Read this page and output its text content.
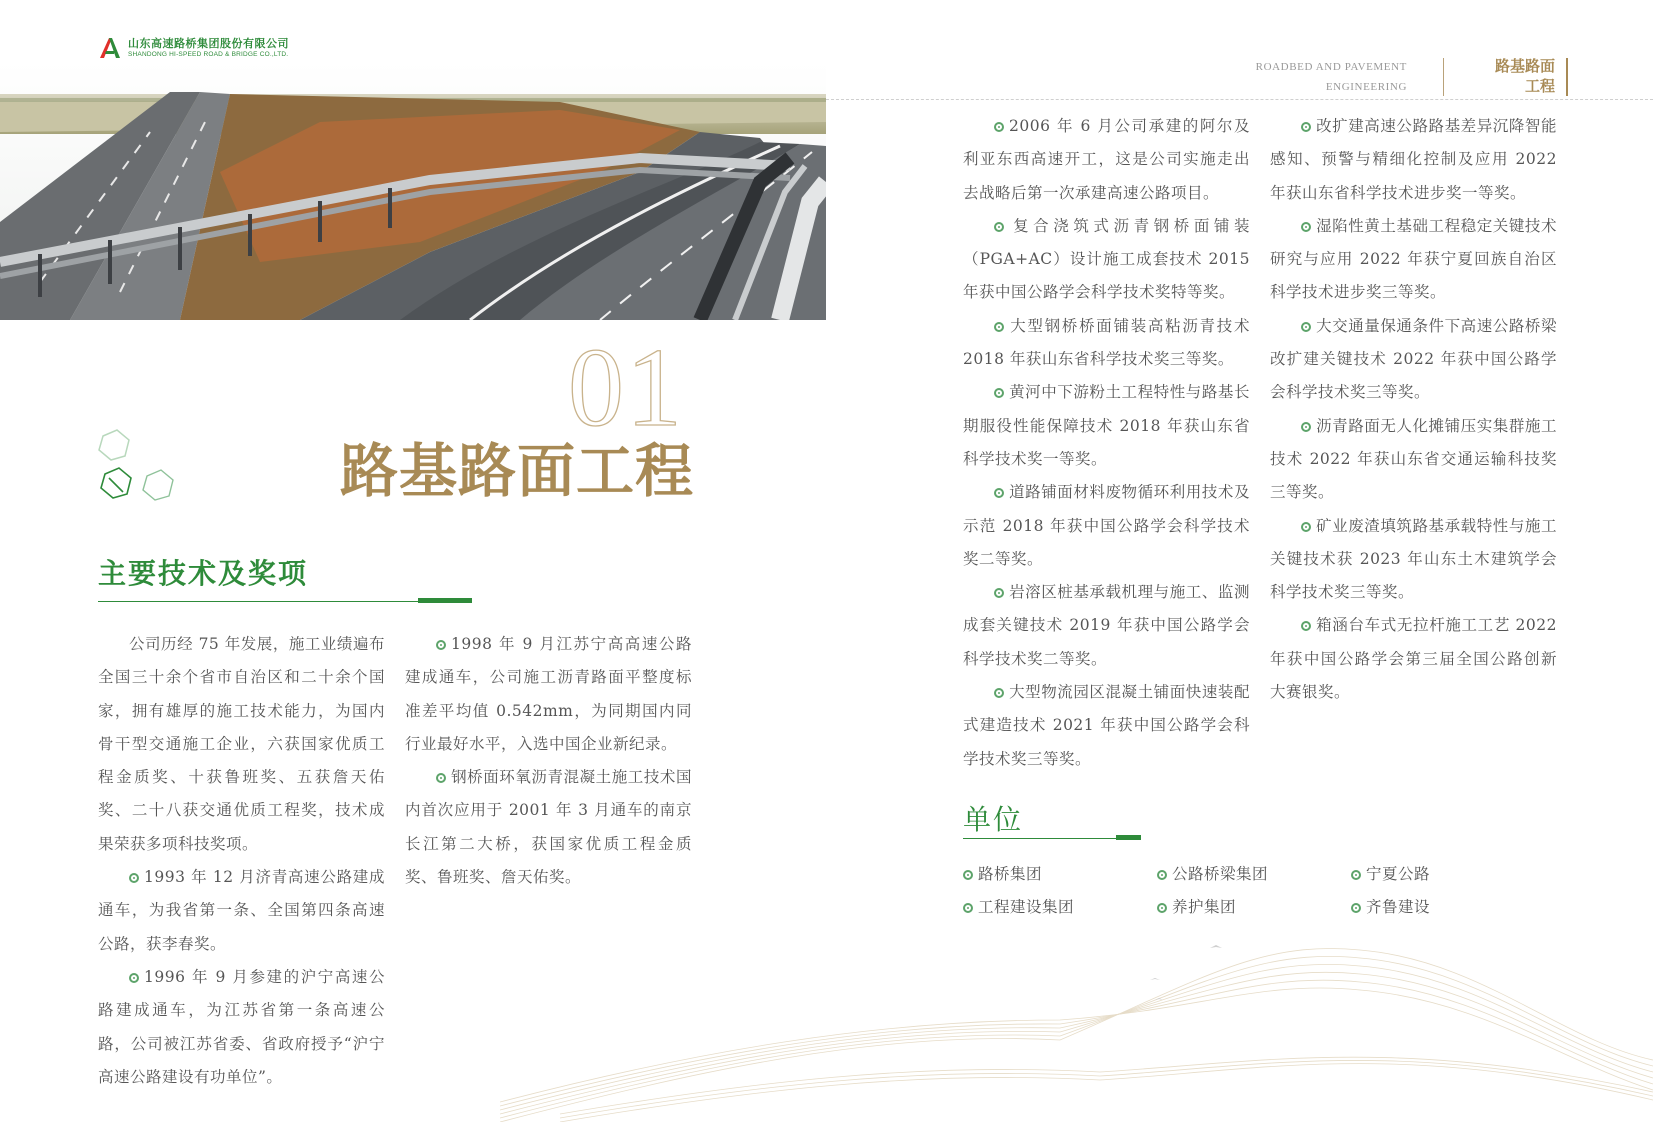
山东高速路桥集团股份有限公司
SHANDONG HI-SPEED ROAD & BRIDGE CO.,LTD.
ROADBED AND PAVEMENT
ENGINEERING
路基路面
工程
01
路基路面工程
主要技术及奖项

公司历经 75 年发展，施工业绩遍布全国三十余个省市自治区和二十余个国家，拥有雄厚的施工技术能力，为国内骨干型交通施工企业，六获国家优质工程金质奖、十获鲁班奖、五获詹天佑奖、二十八获交通优质工程奖，技术成果荣获多项科技奖项。

1993 年 12 月济青高速公路建成通车，为我省第一条、全国第四条高速公路，获李春奖。

1996 年 9 月参建的沪宁高速公路建成通车，为江苏省第一条高速公路，公司被江苏省委、省政府授予“沪宁高速公路建设有功单位”。

1998 年 9 月江苏宁高高速公路建成通车，公司施工沥青路面平整度标准差平均值 0.542mm，为同期国内同行业最好水平，入选中国企业新纪录。

钢桥面环氧沥青混凝土施工技术国内首次应用于 2001 年 3 月通车的南京长江第二大桥，获国家优质工程金质奖、鲁班奖、詹天佑奖。

2006 年 6 月公司承建的阿尔及利亚东西高速开工，这是公司实施走出去战略后第一次承建高速公路项目。

复合浇筑式沥青钢桥面铺装（PGA+AC）设计施工成套技术 2015 年获中国公路学会科学技术奖特等奖。

大型钢桥桥面铺装高粘沥青技术 2018 年获山东省科学技术奖三等奖。

黄河中下游粉土工程特性与路基长期服役性能保障技术 2018 年获山东省科学技术奖一等奖。

道路铺面材料废物循环利用技术及示范 2018 年获中国公路学会科学技术奖二等奖。

岩溶区桩基承载机理与施工、监测成套关键技术 2019 年获中国公路学会科学技术奖二等奖。

大型物流园区混凝土铺面快速装配式建造技术 2021 年获中国公路学会科学技术奖三等奖。

改扩建高速公路路基差异沉降智能感知、预警与精细化控制及应用 2022 年获山东省科学技术进步奖一等奖。

湿陷性黄土基础工程稳定关键技术研究与应用 2022 年获宁夏回族自治区科学技术进步奖三等奖。

大交通量保通条件下高速公路桥梁改扩建关键技术 2022 年获中国公路学会科学技术奖三等奖。

沥青路面无人化摊铺压实集群施工技术 2022 年获山东省交通运输科技奖三等奖。

矿业废渣填筑路基承载特性与施工关键技术获 2023 年山东土木建筑学会科学技术奖三等奖。

箱涵台车式无拉杆施工工艺 2022 年获中国公路学会第三届全国公路创新大赛银奖。

单位
路桥集团	公路桥梁集团	宁夏公路
工程建设集团	养护集团	齐鲁建设
